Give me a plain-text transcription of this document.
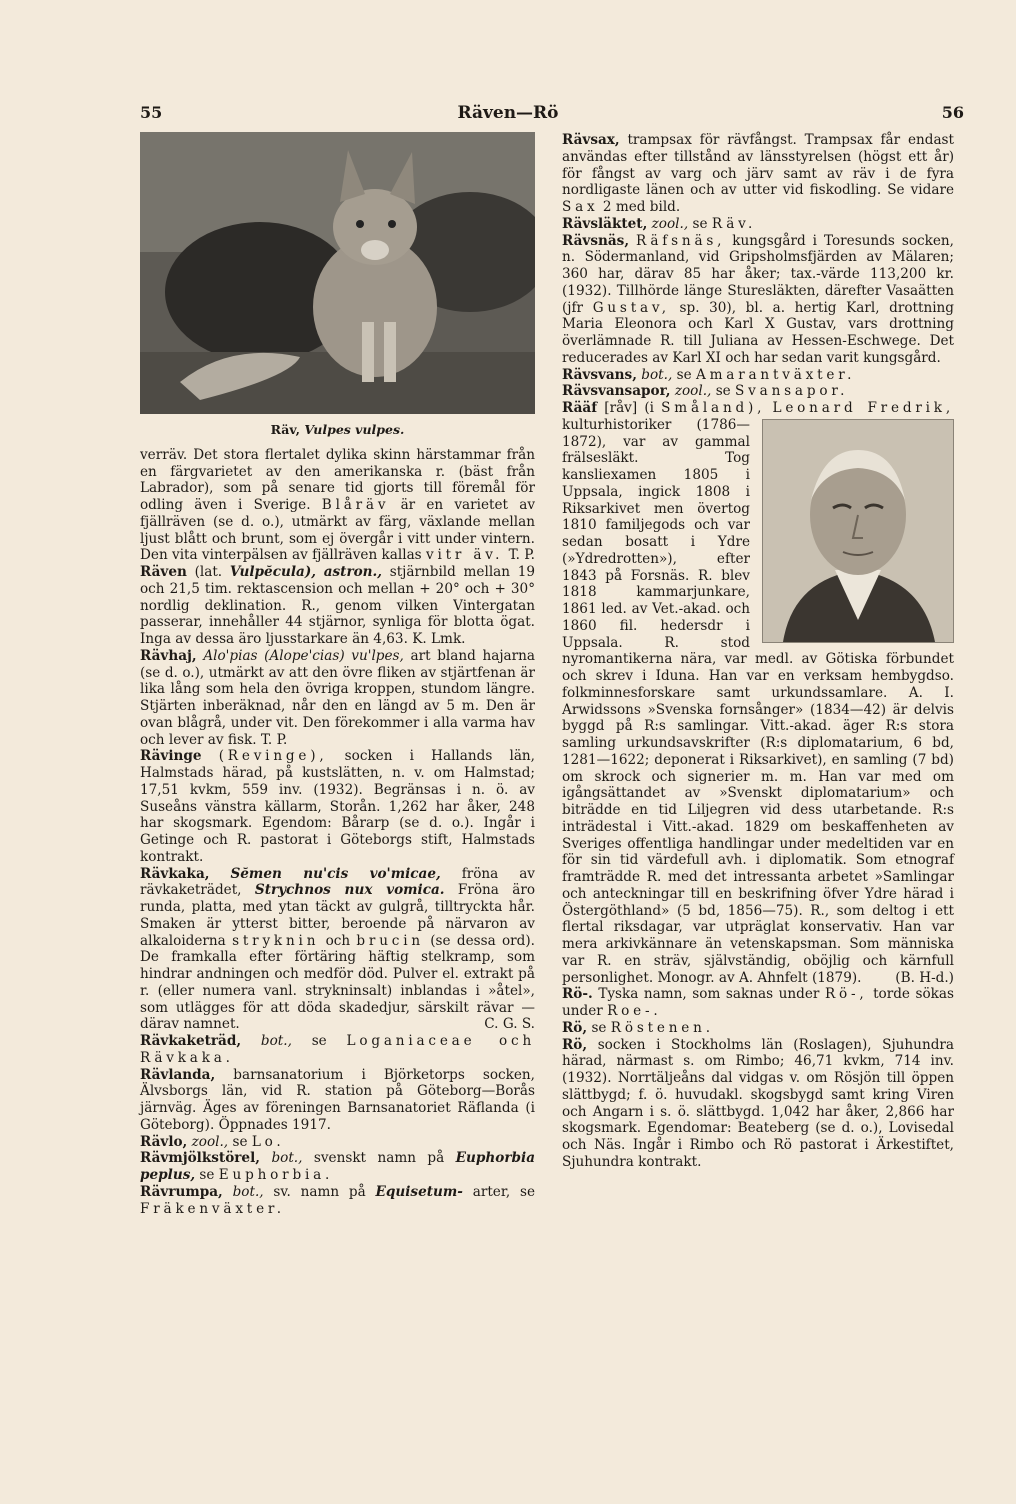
55	Räven—Rö	56
Räv, Vulpes vulpes.

verräv. Det stora flertalet dylika skinn härstammar från en färgvarietet av den amerikanska r. (bäst från Labrador), som på senare tid gjorts till föremål för odling även i Sverige. Blåräv är en varietet av fjällräven (se d. o.), utmärkt av färg, växlande mellan ljust blått och brunt, som ej övergår i vitt under vintern. Den vita vinterpälsen av fjällräven kallas vitr äv. T. P.

Räven (lat. Vulpĕcula), astron., stjärnbild mellan 19 och 21,5 tim. rektascension och mellan + 20° och + 30° nordlig deklination. R., genom vilken Vintergatan passerar, innehåller 44 stjärnor, synliga för blotta ögat. Inga av dessa äro ljusstarkare än 4,63. K. Lmk.

Rävhaj, Alo'pias (Alope'cias) vu'lpes, art bland hajarna (se d. o.), utmärkt av att den övre fliken av stjärtfenan är lika lång som hela den övriga kroppen, stundom längre. Stjärten inberäknad, når den en längd av 5 m. Den är ovan blågrå, under vit. Den förekommer i alla varma hav och lever av fisk. T. P.

Rävinge (Revinge), socken i Hallands län, Halmstads härad, på kustslätten, n. v. om Halmstad; 17,51 kvkm, 559 inv. (1932). Begränsas i n. ö. av Suseåns vänstra källarm, Storån. 1,262 har åker, 248 har skogsmark. Egendom: Bårarp (se d. o.). Ingår i Getinge och R. pastorat i Göteborgs stift, Halmstads kontrakt.

Rävkaka, Sĕmen nu'cis vo'micae, fröna av rävkaketrädet, Strychnos nux vomica. Fröna äro runda, platta, med ytan täckt av gulgrå, tilltryckta hår. Smaken är ytterst bitter, beroende på närvaron av alkaloiderna stryknin och brucin (se dessa ord). De framkalla efter förtäring häftig stelkramp, som hindrar andningen och medför död. Pulver el. extrakt på r. (eller numera vanl. strykninsalt) inblandas i »åtel», som utlägges för att döda skadedjur, särskilt rävar — därav namnet.	C. G. S.

Rävkaketräd, bot., se Loganiaceae och Rävkaka.

Rävlanda, barnsanatorium i Björketorps socken, Älvsborgs län, vid R. station på Göteborg—Borås järnväg. Äges av föreningen Barnsanatoriet Räflanda (i Göteborg). Öppnades 1917.

Rävlo, zool., se Lo.

Rävmjölkstörel, bot., svenskt namn på Euphorbia peplus, se Euphorbia.

Rävrumpa, bot., sv. namn på Equisetum- arter, se Fräkenväxter.

Rävsax, trampsax för rävfångst. Trampsax får endast användas efter tillstånd av länsstyrelsen (högst ett år) för fångst av varg och järv samt av räv i de fyra nordligaste länen och av utter vid fiskodling. Se vidare Sax 2 med bild.

Rävsläktet, zool., se Räv.

Rävsnäs, Räfsnäs, kungsgård i Toresunds socken, n. Södermanland, vid Gripsholmsfjärden av Mälaren; 360 har, därav 85 har åker; tax.-värde 113,200 kr. (1932). Tillhörde länge Sturesläkten, därefter Vasaätten (jfr Gustav, sp. 30), bl. a. hertig Karl, drottning Maria Eleonora och Karl X Gustav, vars drottning överlämnade R. till Juliana av Hessen-Eschwege. Det reducerades av Karl XI och har sedan varit kungsgård.

Rävsvans, bot., se Amarantväxter.

Rävsvansapor, zool., se Svansapor.

Rääf [råv] (i Småland), Leonard Fredrik,
kulturhistoriker (1786—1872), var av gammal frälsesläkt. Tog kansliexamen 1805 i Uppsala, ingick 1808 i Riksarkivet men övertog 1810 familjegods och var sedan bosatt i Ydre (»Ydredrotten»), efter 1843 på Forsnäs. R. blev 1818 kammarjunkare, 1861 led. av Vet.-akad. och 1860 fil. hedersdr i Uppsala. R. stod nyromantikerna nära, var medl. av Götiska förbundet och skrev i Iduna. Han var en verksam hembygdso. folkminnesforskare samt urkundssamlare. A. I. Arwidssons »Svenska fornsånger» (1834—42) är delvis byggd på R:s samlingar. Vitt.-akad. äger R:s stora samling urkundsavskrifter (R:s diplomatarium, 6 bd, 1281—1622; deponerat i Riksarkivet), en samling (7 bd) om skrock och signerier m. m. Han var med om igångsättandet av »Svenskt diplomatarium» och biträdde en tid Liljegren vid dess utarbetande. R:s inträdestal i Vitt.-akad. 1829 om beskaffenheten av Sveriges offentliga handlingar under medeltiden var en för sin tid värdefull avh. i diplomatik. Som etnograf framträdde R. med det intressanta arbetet »Samlingar och anteckningar till en beskrifning öfver Ydre härad i Östergöthland» (5 bd, 1856—75). R., som deltog i ett flertal riksdagar, var utpräglat konservativ. Han var mera arkivkännare än vetenskapsman. Som människa var R. en sträv, självständig, oböjlig och kärnfull personlighet. Monogr. av A. Ahnfelt (1879). (B. H-d.)

Rö-. Tyska namn, som saknas under Rö-, torde sökas under Roe-.

Rö, se Röstenen.

Rö, socken i Stockholms län (Roslagen), Sjuhundra härad, närmast s. om Rimbo; 46,71 kvkm, 714 inv. (1932). Norrtäljeåns dal vidgas v. om Rösjön till öppen slättbygd; f. ö. huvudakl. skogsbygd samt kring Viren och Angarn i s. ö. slättbygd. 1,042 har åker, 2,866 har skogsmark. Egendomar: Beateberg (se d. o.), Lovisedal och Näs. Ingår i Rimbo och Rö pastorat i Ärkestiftet, Sjuhundra kontrakt.
